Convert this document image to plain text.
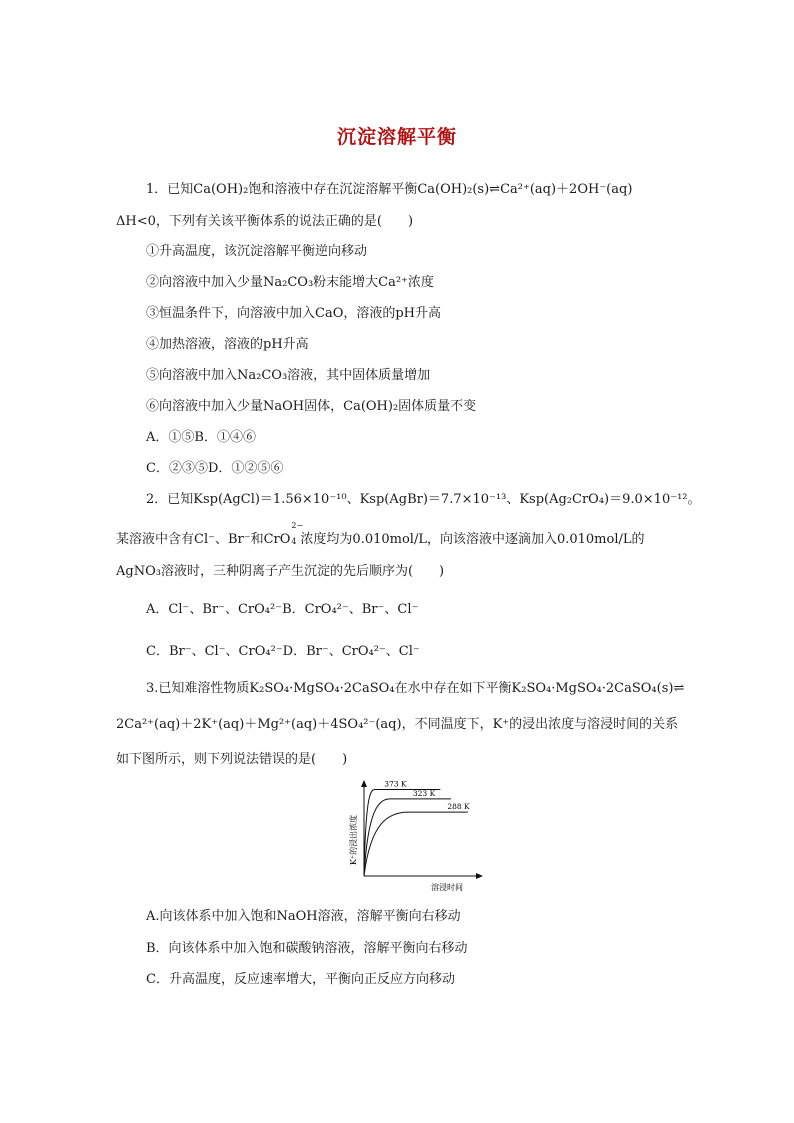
沉淀溶解平衡
1．已知Ca(OH)₂饱和溶液中存在沉淀溶解平衡Ca(OH)₂(s)⇌Ca²⁺(aq)＋2OH⁻(aq)
ΔH<0，下列有关该平衡体系的说法正确的是(　　)
①升高温度，该沉淀溶解平衡逆向移动
②向溶液中加入少量Na₂CO₃粉末能增大Ca²⁺浓度
③恒温条件下，向溶液中加入CaO，溶液的pH升高
④加热溶液，溶液的pH升高
⑤向溶液中加入Na₂CO₃溶液，其中固体质量增加
⑥向溶液中加入少量NaOH固体，Ca(OH)₂固体质量不变
A．①⑤B．①④⑥
C．②③⑤D．①②⑤⑥
2．已知Ksp(AgCl)＝1.56×10⁻¹⁰、Ksp(AgBr)＝7.7×10⁻¹³、Ksp(Ag₂CrO₄)＝9.0×10⁻¹²。
某溶液中含有Cl⁻、Br⁻和CrO
2−
4 浓度均为0.010mol/L，向该溶液中逐滴加入0.010mol/L的
AgNO₃溶液时，三种阴离子产生沉淀的先后顺序为(　　)
A．Cl⁻、Br⁻、CrO₄²⁻B．CrO₄²⁻、Br⁻、Cl⁻
C．Br⁻、Cl⁻、CrO₄²⁻D．Br⁻、CrO₄²⁻、Cl⁻
3.已知难溶性物质K₂SO₄·MgSO₄·2CaSO₄在水中存在如下平衡K₂SO₄·MgSO₄·2CaSO₄(s)⇌
2Ca²⁺(aq)＋2K⁺(aq)＋Mg²⁺(aq)＋4SO₄²⁻(aq)，不同温度下，K⁺的浸出浓度与溶浸时间的关系
如下图所示，则下列说法错误的是(　　)
K⁺的浸出浓度
溶浸时间
373 K
323 K
288 K
A.向该体系中加入饱和NaOH溶液，溶解平衡向右移动
B．向该体系中加入饱和碳酸钠溶液，溶解平衡向右移动
C．升高温度，反应速率增大，平衡向正反应方向移动
